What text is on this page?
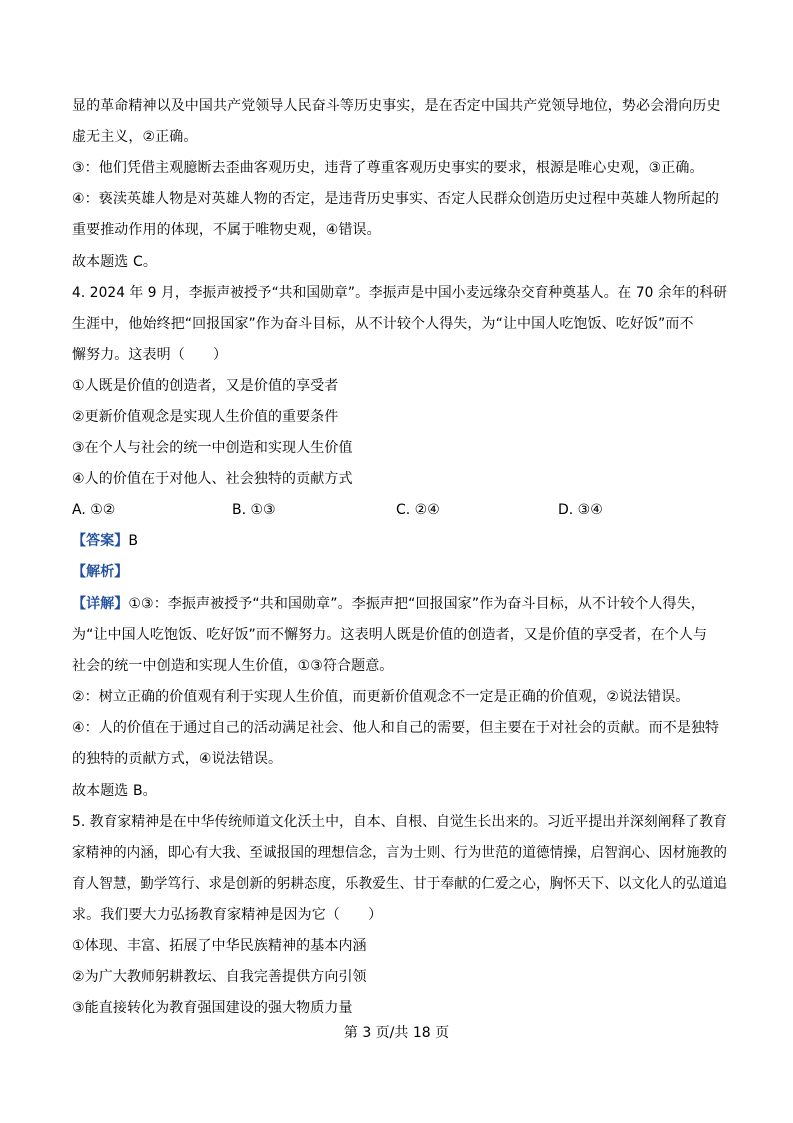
显的革命精神以及中国共产党领导人民奋斗等历史事实，是在否定中国共产党领导地位，势必会滑向历史
虚无主义，②正确。
③：他们凭借主观臆断去歪曲客观历史，违背了尊重客观历史事实的要求，根源是唯心史观，③正确。
④：亵渎英雄人物是对英雄人物的否定，是违背历史事实、否定人民群众创造历史过程中英雄人物所起的
重要推动作用的体现，不属于唯物史观，④错误。
故本题选 C。
4. 2024 年 9 月，李振声被授予“共和国勋章”。李振声是中国小麦远缘杂交育种奠基人。在 70 余年的科研
生涯中，他始终把“回报国家”作为奋斗目标，从不计较个人得失，为“让中国人吃饱饭、吃好饭”而不
懈努力。这表明（　　）
①人既是价值的创造者，又是价值的享受者
②更新价值观念是实现人生价值的重要条件
③在个人与社会的统一中创造和实现人生价值
④人的价值在于对他人、社会独特的贡献方式
A. ①②	B. ①③	C. ②④	D. ③④
【答案】B
【解析】
【详解】①③：李振声被授予“共和国勋章”。李振声把“回报国家”作为奋斗目标，从不计较个人得失，
为“让中国人吃饱饭、吃好饭”而不懈努力。这表明人既是价值的创造者，又是价值的享受者，在个人与
社会的统一中创造和实现人生价值，①③符合题意。
②：树立正确的价值观有利于实现人生价值，而更新价值观念不一定是正确的价值观，②说法错误。
④：人的价值在于通过自己的活动满足社会、他人和自己的需要，但主要在于对社会的贡献。而不是独特
的独特的贡献方式，④说法错误。
故本题选 B。
5. 教育家精神是在中华传统师道文化沃土中，自本、自根、自觉生长出来的。习近平提出并深刻阐释了教育
家精神的内涵，即心有大我、至诚报国的理想信念，言为士则、行为世范的道德情操，启智润心、因材施教的
育人智慧，勤学笃行、求是创新的躬耕态度，乐教爱生、甘于奉献的仁爱之心，胸怀天下、以文化人的弘道追
求。我们要大力弘扬教育家精神是因为它（　　）
①体现、丰富、拓展了中华民族精神的基本内涵
②为广大教师躬耕教坛、自我完善提供方向引领
③能直接转化为教育强国建设的强大物质力量
第 3 页/共 18 页
